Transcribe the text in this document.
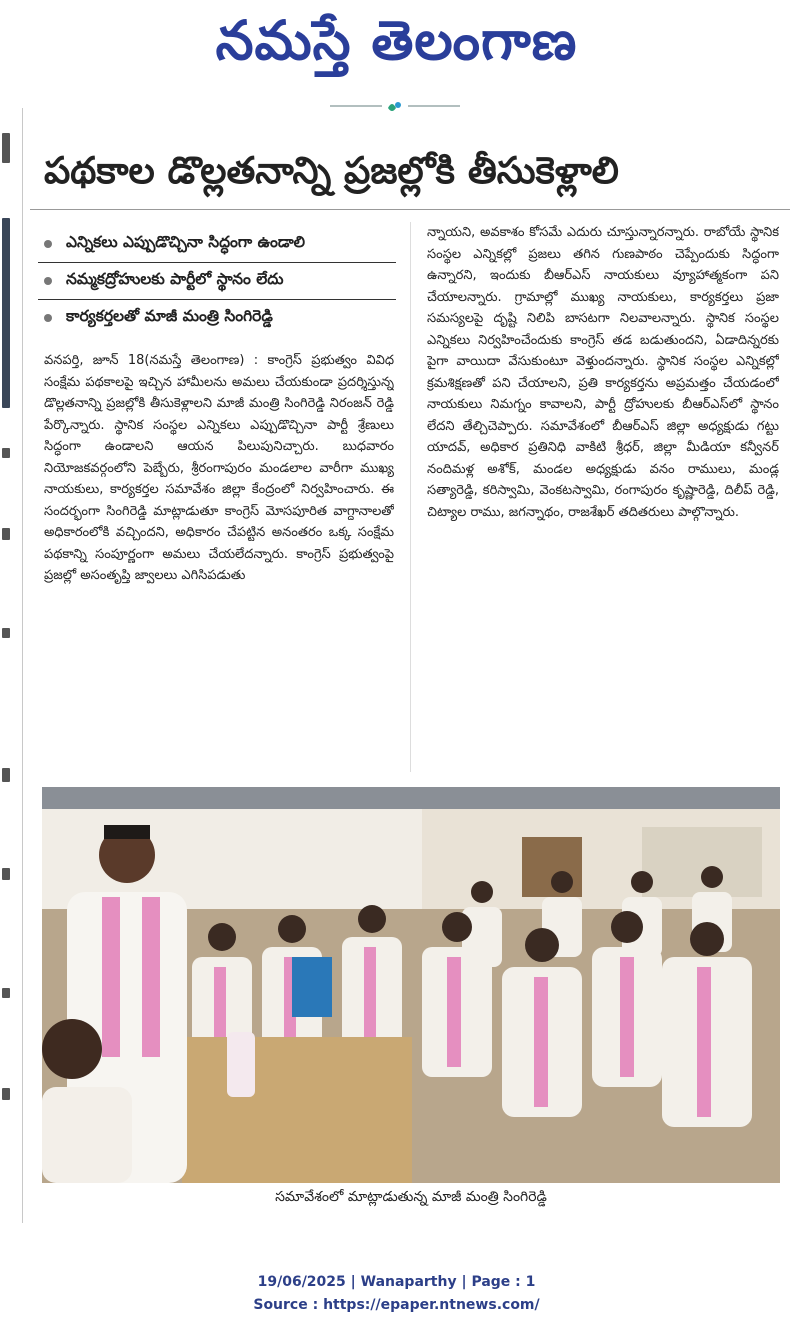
నమస్తే తెలంగాణ
పథకాల డొల్లతనాన్ని ప్రజల్లోకి తీసుకెళ్లాలి
ఎన్నికలు ఎప్పుడొచ్చినా సిద్ధంగా ఉండాలి
నమ్మకద్రోహులకు పార్టీలో స్థానం లేదు
కార్యకర్తలతో మాజీ మంత్రి సింగిరెడ్డి
వనపర్తి, జూన్ 18(నమస్తే తెలంగాణ) : కాంగ్రెస్ ప్రభుత్వం వివిధ సంక్షేమ పథకాలపై ఇచ్చిన హామీలను అమలు చేయకుండా ప్రదర్శిస్తున్న డొల్లతనాన్ని ప్రజల్లోకి తీసుకెళ్లాలని మాజీ మంత్రి సింగిరెడ్డి నిరంజన్ రెడ్డి పేర్కొన్నారు. స్థానిక సంస్థల ఎన్నికలు ఎప్పుడొచ్చినా పార్టీ శ్రేణులు సిద్ధంగా ఉండాలని ఆయన పిలుపునిచ్చారు. బుధవారం నియోజకవర్గంలోని పెబ్బేరు, శ్రీరంగాపురం మండలాల వారీగా ముఖ్య నాయకులు, కార్యకర్తల సమావేశం జిల్లా కేంద్రంలో నిర్వహించారు. ఈ సందర్భంగా సింగిరెడ్డి మాట్లాడుతూ కాంగ్రెస్ మోసపూరిత వాగ్దానాలతో అధికారంలోకి వచ్చిందని, అధికారం చేపట్టిన అనంతరం ఒక్క సంక్షేమ పథకాన్ని సంపూర్ణంగా అమలు చేయలేదన్నారు. కాంగ్రెస్ ప్రభుత్వంపై ప్రజల్లో అసంతృప్తి జ్వాలలు ఎగిసిపడుతు
న్నాయని, అవకాశం కోసమే ఎదురు చూస్తున్నారన్నారు. రాబోయే స్థానిక సంస్థల ఎన్నికల్లో ప్రజలు తగిన గుణపాఠం చెప్పేందుకు సిద్ధంగా ఉన్నారని, ఇందుకు బీఆర్ఎస్ నాయకులు వ్యూహాత్మకంగా పని చేయాలన్నారు. గ్రామాల్లో ముఖ్య నాయకులు, కార్యకర్తలు ప్రజా సమస్యలపై దృష్టి నిలిపి బాసటగా నిలవాలన్నారు. స్థానిక సంస్థల ఎన్నికలు నిర్వహించేందుకు కాంగ్రెస్ తడ బడుతుందని, ఏడాదిన్నరకు పైగా వాయిదా వేసుకుంటూ వెళ్తుందన్నారు. స్థానిక సంస్థల ఎన్నికల్లో క్రమశిక్షణతో పని చేయాలని, ప్రతి కార్యకర్తను అప్రమత్తం చేయడంలో నాయకులు నిమగ్నం కావాలని, పార్టీ ద్రోహులకు బీఆర్ఎస్‌లో స్థానం లేదని తేల్చిచెప్పారు. సమావేశంలో బీఆర్ఎస్ జిల్లా అధ్యక్షుడు గట్టు యాదవ్, అధికార ప్రతినిధి వాకిటి శ్రీధర్, జిల్లా మీడియా కన్వీనర్ నందిమళ్ల అశోక్, మండల అధ్యక్షుడు వనం రాములు, మండ్ల సత్యారెడ్డి, కరిస్వామి, వెంకటస్వామి, రంగాపురం కృష్ణారెడ్డి, దిలీప్ రెడ్డి, చిట్యాల రాము, జగన్నాథం, రాజశేఖర్ తదితరులు పాల్గొన్నారు.
సమావేశంలో మాట్లాడుతున్న మాజీ మంత్రి సింగిరెడ్డి
19/06/2025 | Wanaparthy | Page : 1
Source : https://epaper.ntnews.com/
